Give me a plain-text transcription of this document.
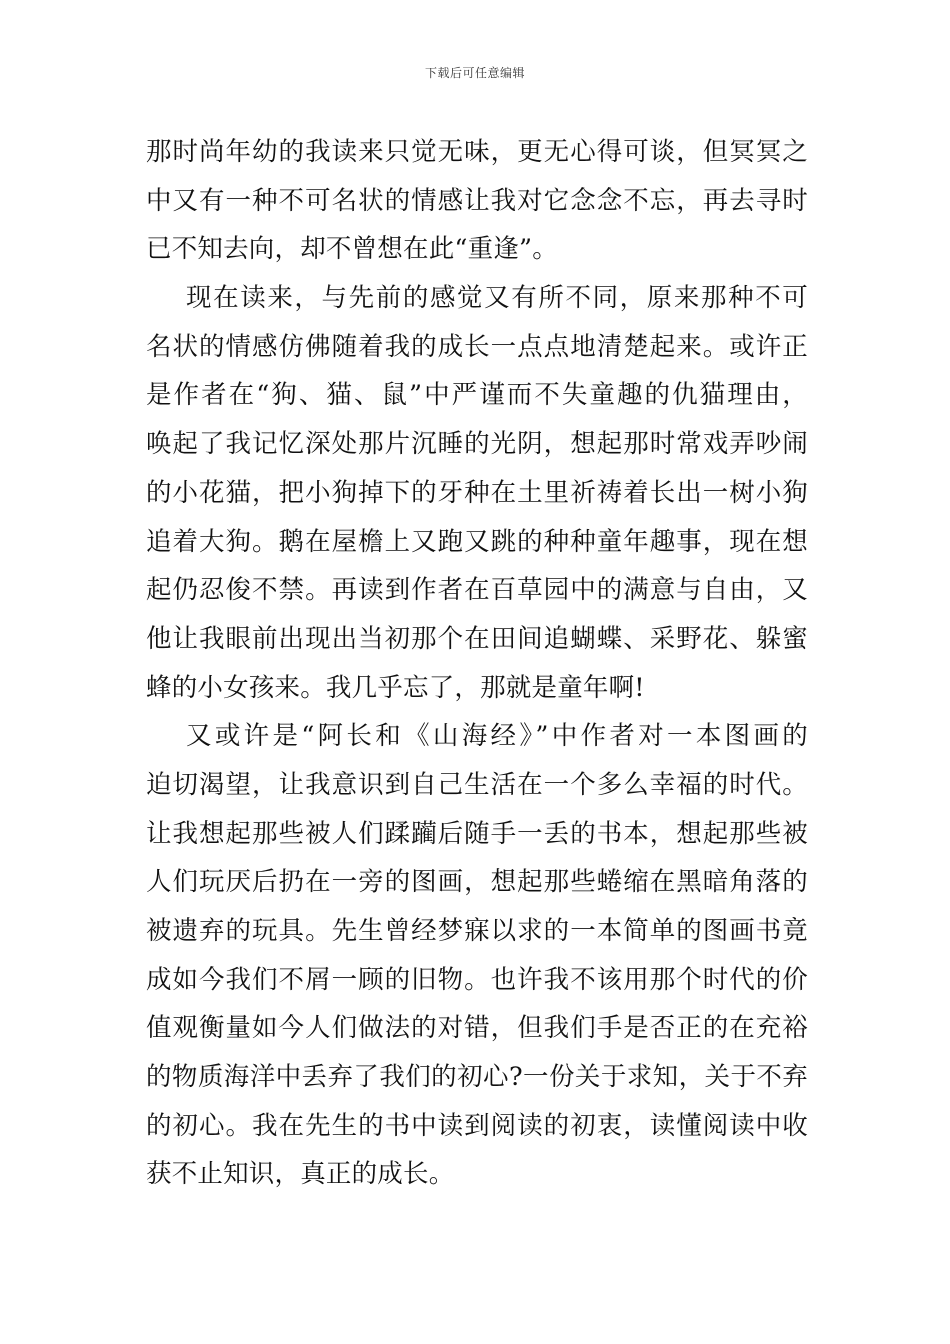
下载后可任意编辑
那时尚年幼的我读来只觉无味，更无心得可谈，但冥冥之
中又有一种不可名状的情感让我对它念念不忘，再去寻时
已不知去向，却不曾想在此“重逢”。
现在读来，与先前的感觉又有所不同，原来那种不可
名状的情感仿佛随着我的成长一点点地清楚起来。或许正
是作者在“狗、猫、鼠”中严谨而不失童趣的仇猫理由，
唤起了我记忆深处那片沉睡的光阴，想起那时常戏弄吵闹
的小花猫，把小狗掉下的牙种在土里祈祷着长出一树小狗
追着大狗。鹅在屋檐上又跑又跳的种种童年趣事，现在想
起仍忍俊不禁。再读到作者在百草园中的满意与自由，又
他让我眼前出现出当初那个在田间追蝴蝶、采野花、躲蜜
蜂的小女孩来。我几乎忘了，那就是童年啊!
又或许是“阿长和《山海经》”中作者对一本图画的
迫切渴望，让我意识到自己生活在一个多么幸福的时代。
让我想起那些被人们蹂躏后随手一丢的书本，想起那些被
人们玩厌后扔在一旁的图画，想起那些蜷缩在黑暗角落的
被遗弃的玩具。先生曾经梦寐以求的一本简单的图画书竟
成如今我们不屑一顾的旧物。也许我不该用那个时代的价
值观衡量如今人们做法的对错，但我们手是否正的在充裕
的物质海洋中丢弃了我们的初心?一份关于求知，关于不弃
的初心。我在先生的书中读到阅读的初衷，读懂阅读中收
获不止知识，真正的成长。
